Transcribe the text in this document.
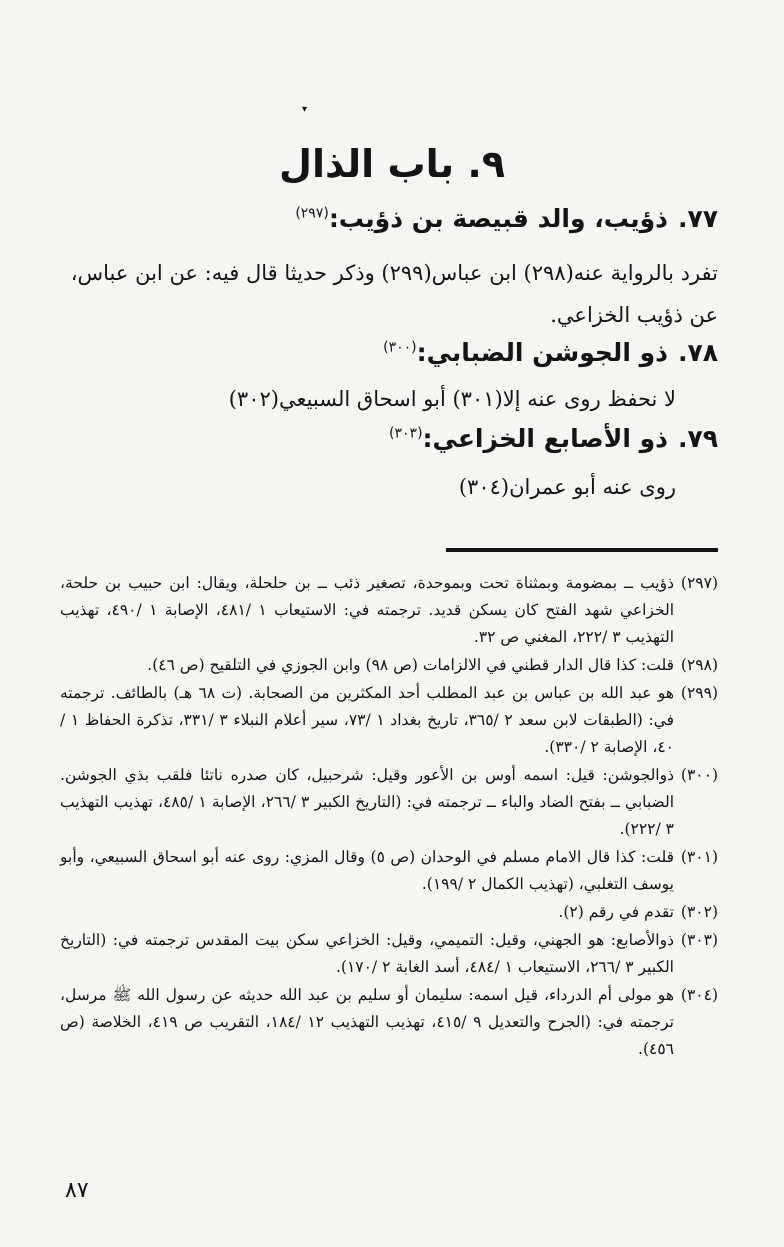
▾
٩. باب الذال
٧٧.ذؤيب، والد قبيصة بن ذؤيب:$^{(٢٩٧)}$
تفرد بالرواية عنه(٢٩٨) ابن عباس(٢٩٩) وذكر حديثا قال فيه: عن ابن عباس،
عن ذؤيب الخزاعي.
٧٨.ذو الجوشن الضبابي:$^{(٣٠٠)}$
لا نحفظ روى عنه إلا(٣٠١) أبو اسحاق السبيعي(٣٠٢)
٧٩.ذو الأصابع الخزاعي:$^{(٣٠٣)}$
روى عنه أبو عمران(٣٠٤)
(٢٩٧)
ذؤيب ــ بمضومة وبمثناة تحت وبموحدة، تصغير ذئب ــ بن حلحلة، ويقال: ابن حبيب بن حلحة، الخزاعي شهد الفتح كان يسكن قديد. ترجمته في: الاستيعاب ١ /٤٨١، الإصابة ١ /٤٩٠، تهذيب التهذيب ٣ /٢٢٢، المغني ص ٣٢.
(٢٩٨)
قلت: كذا قال الدار قطني في الالزامات (ص ٩٨) وابن الجوزي في التلقيح (ص ٤٦).
(٢٩٩)
هو عبد الله بن عباس بن عبد المطلب أحد المكثرين من الصحابة. (ت ٦٨ هـ) بالطائف. ترجمته في: (الطبقات لابن سعد ٢ /٣٦٥، تاريخ بغداد ١ /٧٣، سير أعلام النبلاء ٣ /٣٣١، تذكرة الحفاظ ١ /٤٠، الإصابة ٢ /٣٣٠).
(٣٠٠)
ذوالجوشن: قيل: اسمه أوس بن الأعور وقيل: شرحبيل، كان صدره ناتئا فلقب بذي الجوشن. الضبابي ــ بفتح الضاد والباء ــ ترجمته في: (التاريخ الكبير ٣ /٢٦٦، الإصابة ١ /٤٨٥، تهذيب التهذيب ٣ /٢٢٢).
(٣٠١)
قلت: كذا قال الامام مسلم في الوحدان (ص ٥) وقال المزي: روى عنه أبو اسحاق السبيعي، وأبو يوسف التغلبي، (تهذيب الكمال ٢ /١٩٩).
(٣٠٢)
تقدم في رقم (٢).
(٣٠٣)
ذوالأصابع: هو الجهني، وقيل: التميمي، وقيل: الخزاعي سكن بيت المقدس ترجمته في: (التاريخ الكبير ٣ /٢٦٦، الاستيعاب ١ /٤٨٤، أسد الغابة ٢ /١٧٠).
(٣٠٤)
هو مولى أم الدرداء، قيل اسمه: سليمان أو سليم بن عبد الله حديثه عن رسول الله ﷺ مرسل، ترجمته في: (الجرح والتعديل ٩ /٤١٥، تهذيب التهذيب ١٢ /١٨٤، التقريب ص ٤١٩، الخلاصة (ص ٤٥٦).
٨٧
